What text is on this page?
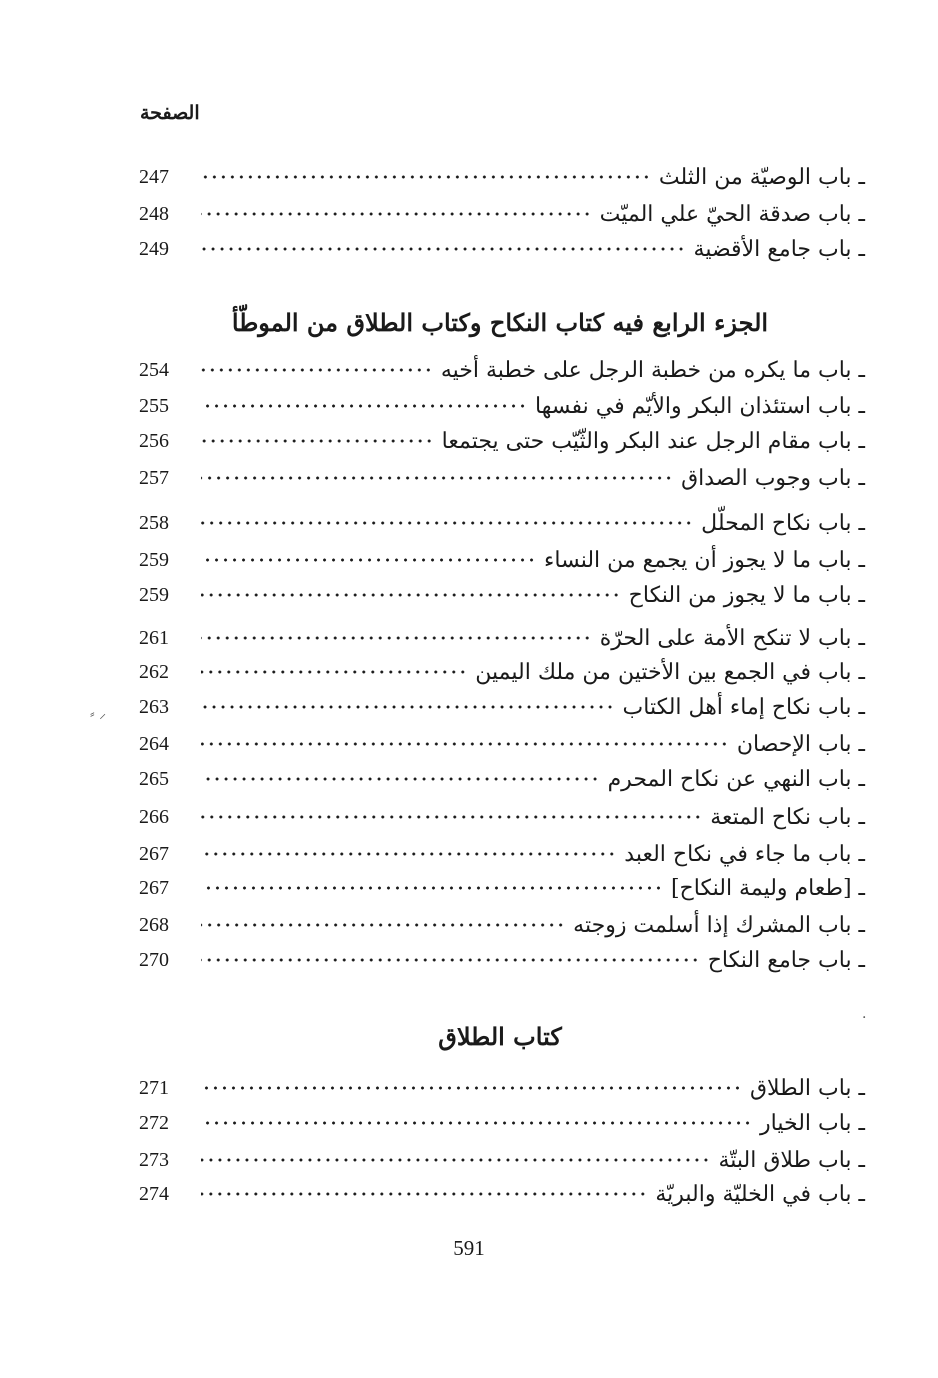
الصفحة
247	ـ باب الوصيّة من الثلث
248	ـ باب صدقة الحيّ علي الميّت
249	ـ باب جامع الأقضية
الجزء الرابع فيه كتاب النكاح وكتاب الطلاق من الموطّأ
254	ـ باب ما يكره من خطبة الرجل على خطبة أخيه
255	ـ باب استئذان البكر والأيّم في نفسها
256	ـ باب مقام الرجل عند البكر والثّيّب حتى يجتمعا
257	ـ باب وجوب الصداق
258	ـ باب نكاح المحلّل
259	ـ باب ما لا يجوز أن يجمع من النساء
259	ـ باب ما لا يجوز من النكاح
261	ـ باب لا تنكح الأمة على الحرّة
262	ـ باب في الجمع بين الأختين من ملك اليمين
263	ـ باب نكاح إماء أهل الكتاب
264	ـ باب الإحصان
265	ـ باب النهي عن نكاح المحرم
266	ـ باب نكاح المتعة
267	ـ باب ما جاء في نكاح العبد
267	ـ [طعام وليمة النكاح]
268	ـ باب المشرك إذا أسلمت زوجته
270	ـ باب جامع النكاح
كتاب الطلاق
271	ـ باب الطلاق
272	ـ باب الخيار
273	ـ باب طلاق البتّة
274	ـ باب في الخليّة والبريّة
591
⸗ ⸝
·
